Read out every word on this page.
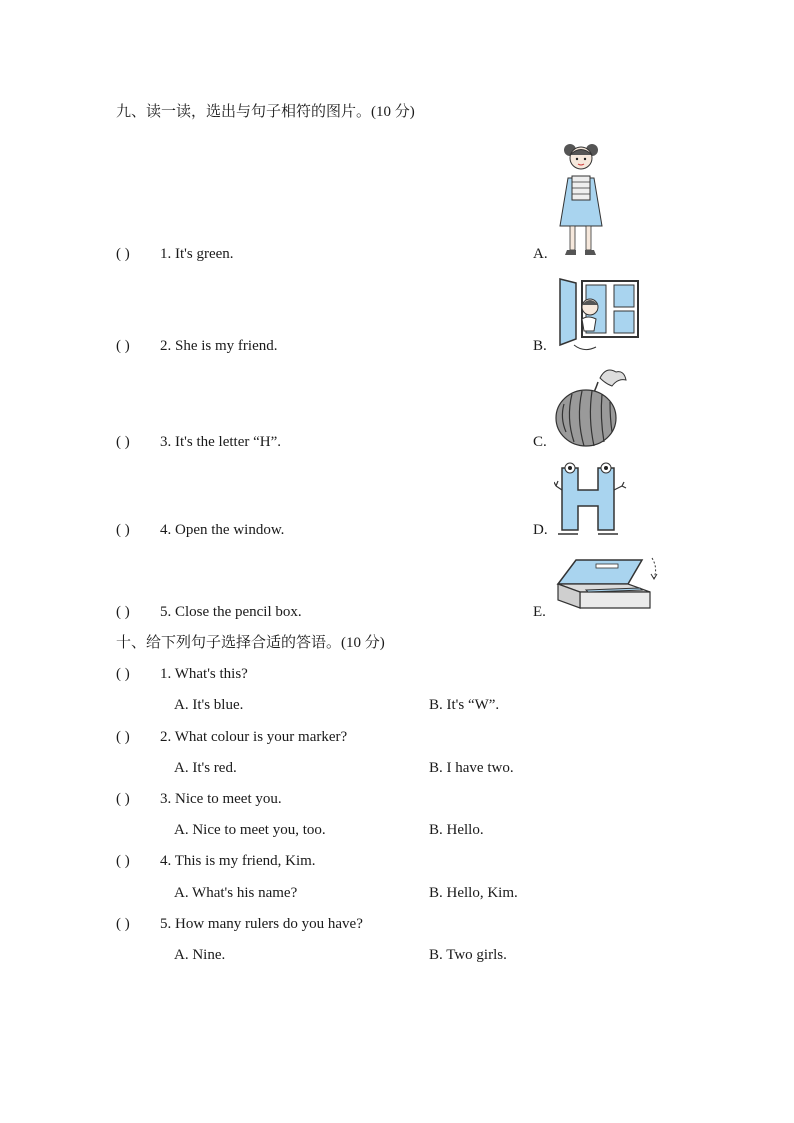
九、读一读，选出与句子相符的图片。(10 分)
( ) 1. It's green.	A.
( ) 2. She is my friend.	B.
( ) 3. It's the letter “H”.	C.
( ) 4. Open the window.	D.
( ) 5. Close the pencil box.	E.
十、给下列句子选择合适的答语。(10 分)
( ) 1. What's this?
A. It's blue.	B. It's “W”.
( ) 2. What colour is your marker?
A. It's red.	B. I have two.
( ) 3. Nice to meet you.
A. Nice to meet you, too.	B. Hello.
( ) 4. This is my friend, Kim.
A. What's his name?	B. Hello, Kim.
( ) 5. How many rulers do you have?
A. Nine.	B. Two girls.
